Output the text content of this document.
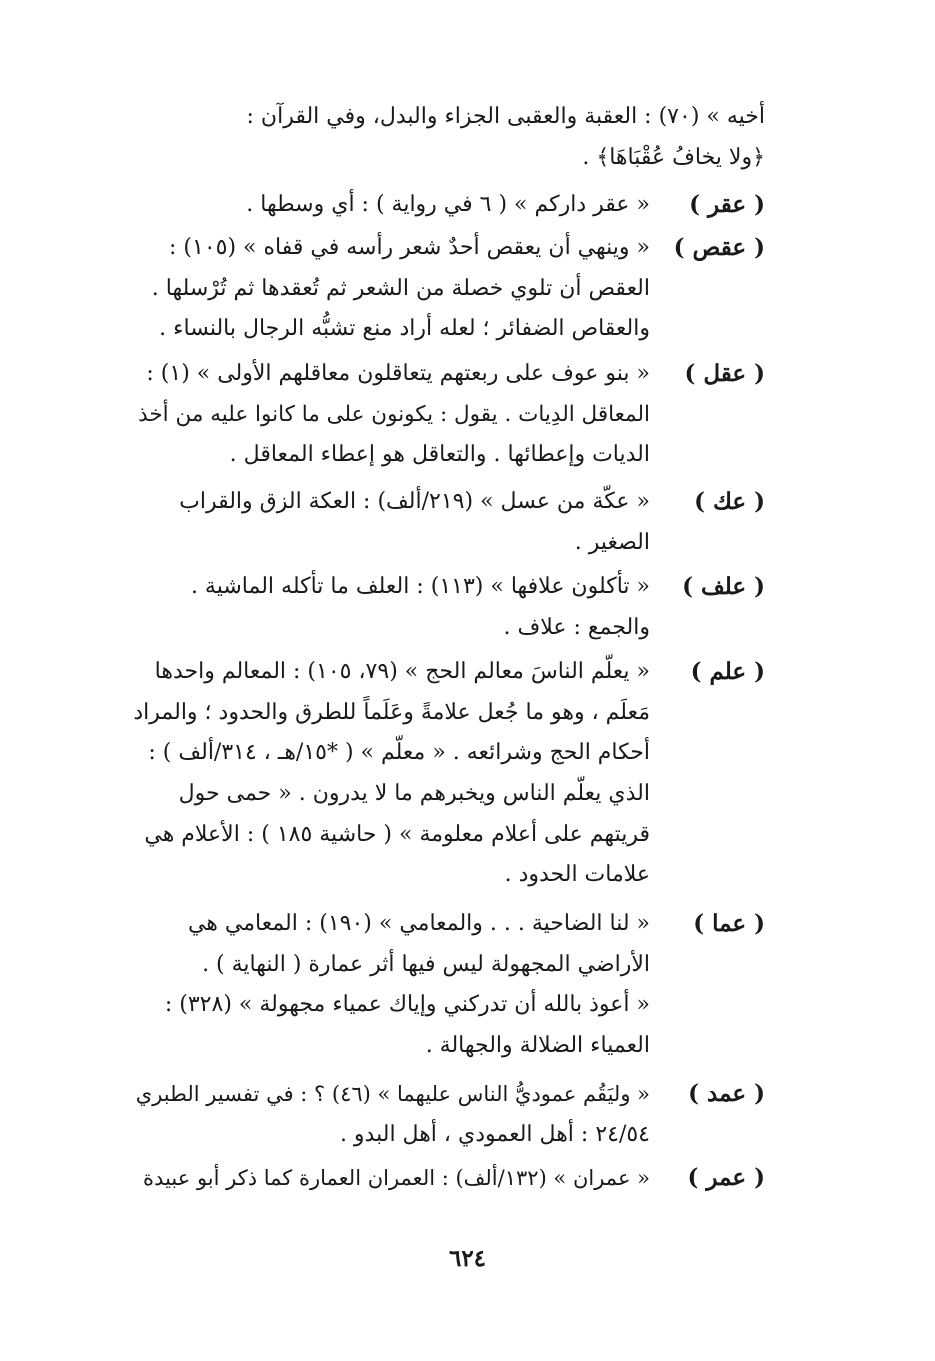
أخيه » (٧٠) : العقبة والعقبى الجزاء والبدل، وفي القرآن :
﴿ولا يخافُ عُقْبَاهَا﴾ .
( عقر )
« عقر داركم » ( ٦ في رواية ) : أي وسطها .
( عقص )
« وينهي أن يعقص أحدٌ شعر رأسه في قفاه » (١٠٥) :
العقص أن تلوي خصلة من الشعر ثم تُعقدها ثم تُرْسلها .
والعقاص الضفائر ؛ لعله أراد منع تشبُّه الرجال بالنساء .
( عقل )
« بنو عوف على ربعتهم يتعاقلون معاقلهم الأولى » (١) :
المعاقل الدِيات . يقول : يكونون على ما كانوا عليه من أخذ
الديات وإعطائها . والتعاقل هو إعطاء المعاقل .
( عك )
« عكّة من عسل » (٢١٩/ألف) : العكة الزق والقراب
الصغير .
( علف )
« تأكلون علافها » (١١٣) : العلف ما تأكله الماشية .
والجمع : علاف .
( علم )
« يعلّم الناسَ معالم الحج » (٧٩، ١٠٥) : المعالم واحدها
مَعلَم ، وهو ما جُعل علامةً وعَلَماً للطرق والحدود ؛ والمراد
أحكام الحج وشرائعه . « معلّم » ( *١٥/هـ ، ٣١٤/ألف ) :
الذي يعلّم الناس ويخبرهم ما لا يدرون . « حمى حول
قريتهم على أعلام معلومة » ( حاشية ١٨٥ ) : الأعلام هي
علامات الحدود .
( عما )
« لنا الضاحية . . . والمعامي » (١٩٠) : المعامي هي
الأراضي المجهولة ليس فيها أثر عمارة ( النهاية ) .
« أعوذ بالله أن تدركني وإياك عمياء مجهولة » (٣٢٨) :
العمياء الضلالة والجهالة .
( عمد )
« وليَقُم عموديُّ الناس عليهما » (٤٦) ؟ : في تفسير الطبري
٢٤/٥٤ : أهل العمودي ، أهل البدو .
( عمر )
« عمران » (١٣٢/ألف) : العمران العمارة كما ذكر أبو عبيدة
٦٢٤
